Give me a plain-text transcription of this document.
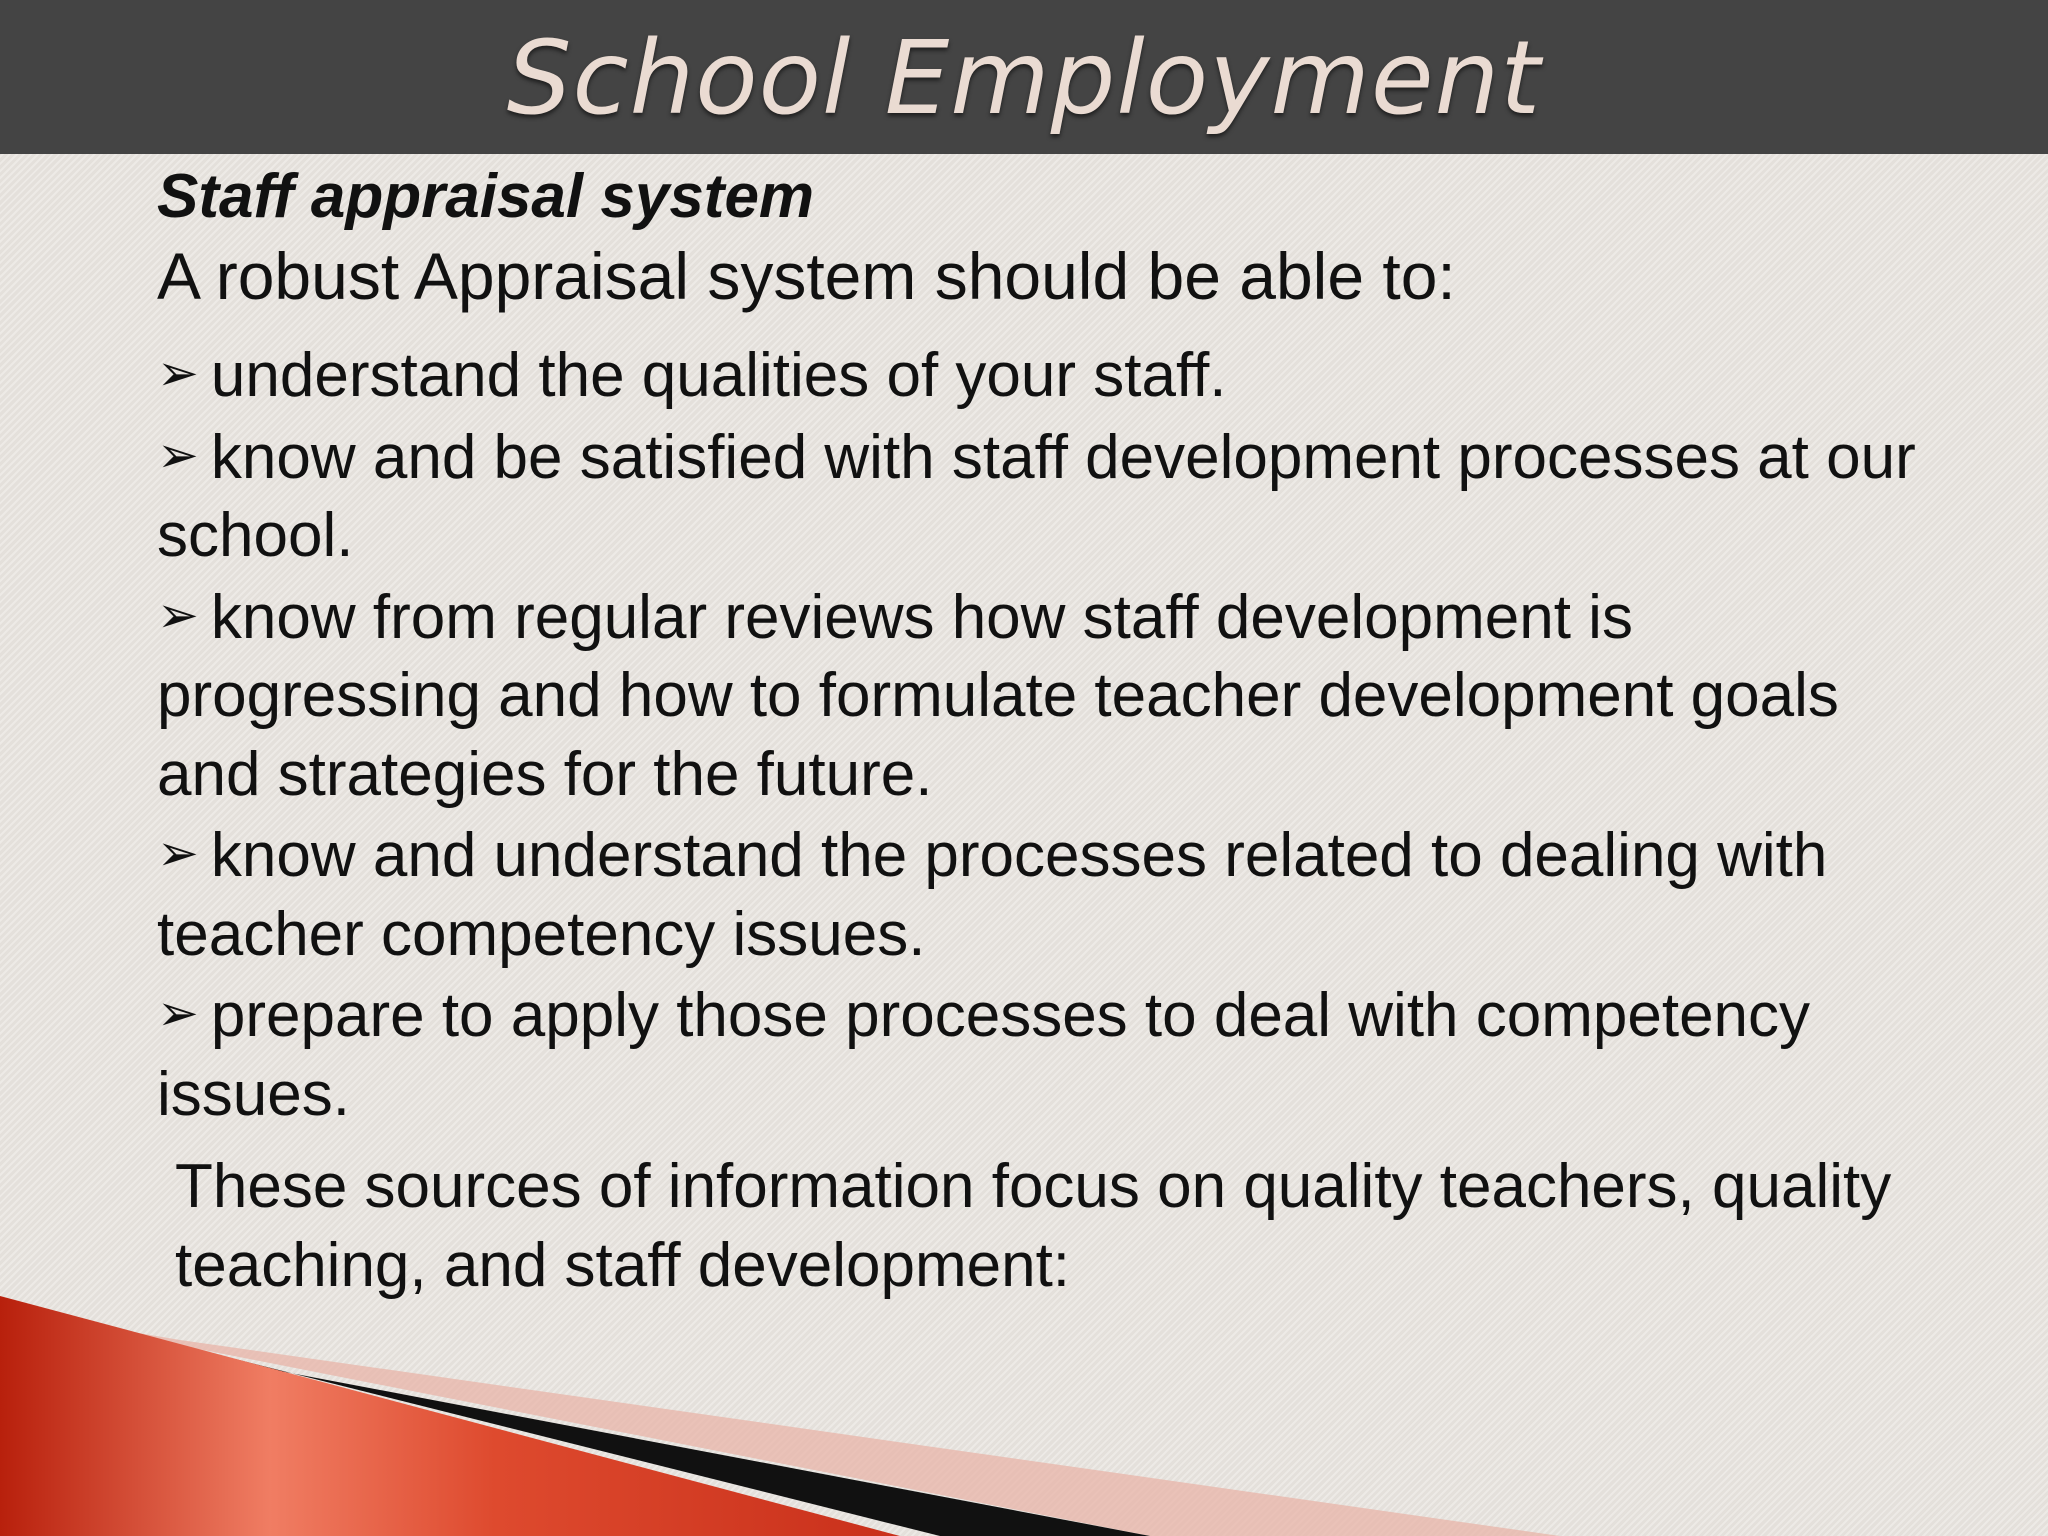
School Employment
Staff appraisal system
A robust Appraisal system should be able to:
➢ understand the qualities of your staff.
➢ know and be satisfied with staff development processes at our school.
➢ know from regular reviews how staff development is progressing and how to formulate teacher development goals and strategies for the future.
➢ know and understand the processes related to dealing with teacher competency issues.
➢ prepare to apply those processes to deal with competency issues.
These sources of information focus on quality teachers, quality teaching, and staff development:
